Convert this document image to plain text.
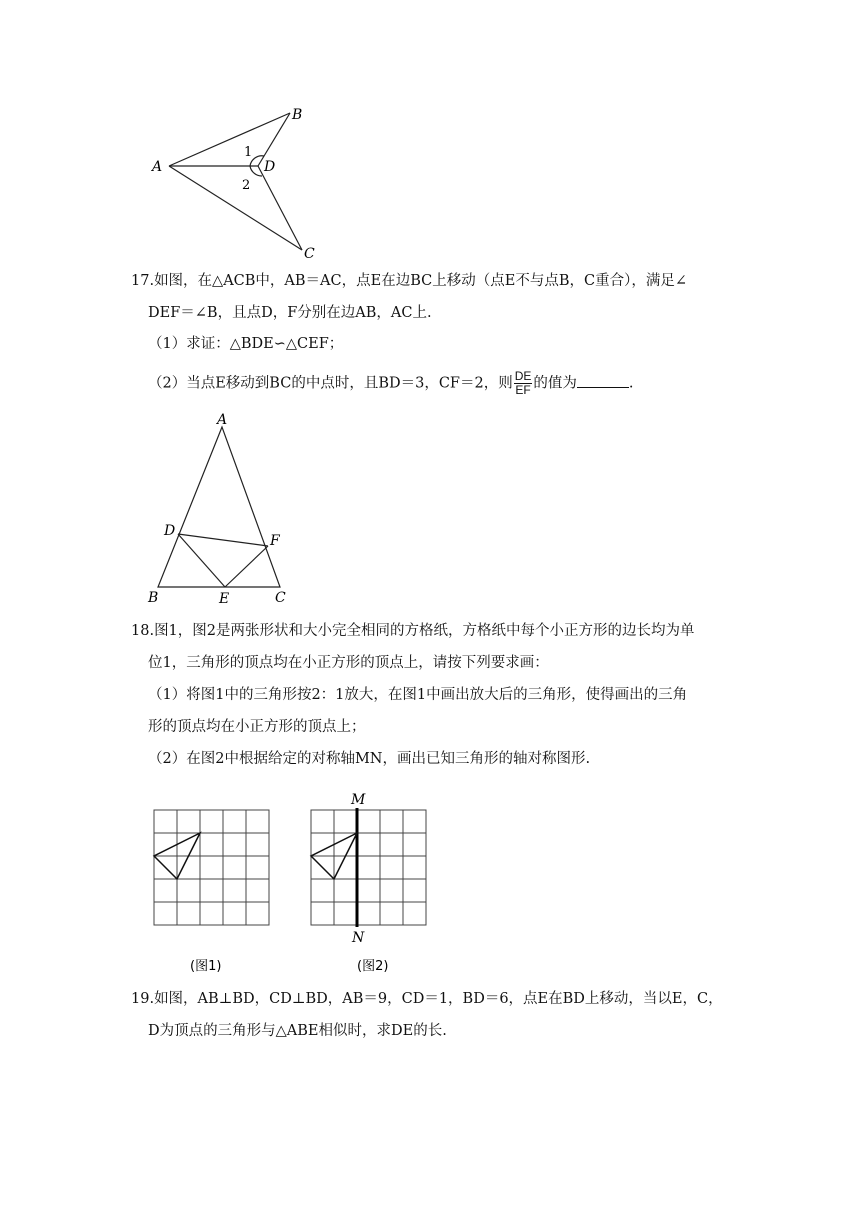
A
B
C
D
1
2
17.如图，在△ACB中，AB＝AC，点E在边BC上移动（点E不与点B，C重合），满足∠
DEF＝∠B，且点D，F分别在边AB，AC上.
（1）求证：△BDE∽△CEF；
（2）当点E移动到BC的中点时，且BD＝3，CF＝2，则 $\frac{DE}{EF}$ 的值为	.
A
B	C
D
E
F
18.图1，图2是两张形状和大小完全相同的方格纸，方格纸中每个小正方形的边长均为单
位1，三角形的顶点均在小正方形的顶点上，请按下列要求画：
（1）将图1中的三角形按2：1放大，在图1中画出放大后的三角形，使得画出的三角
形的顶点均在小正方形的顶点上；
（2）在图2中根据给定的对称轴MN，画出已知三角形的轴对称图形.
(图1)
M
N
(图2)
19.如图，AB⊥BD，CD⊥BD，AB＝9，CD＝1，BD＝6，点E在BD上移动，当以E，C，
D为顶点的三角形与△ABE相似时，求DE的长.
